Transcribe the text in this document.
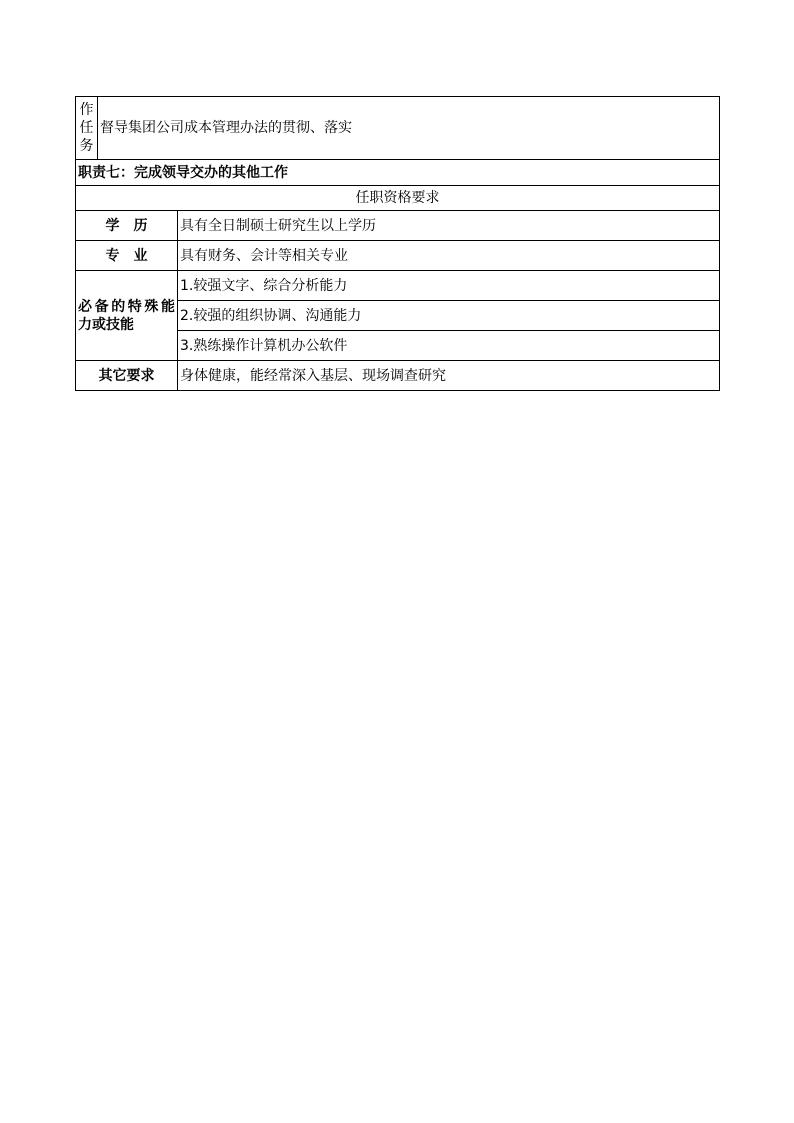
作
任
务	督导集团公司成本管理办法的贯彻、落实	
职责七：完成领导交办的其他工作		
任职资格要求		
学　历		具有全日制硕士研究生以上学历
专　业		具有财务、会计等相关专业
必备的特殊能力或技能		1.较强文字、综合分析能力
		2.较强的组织协调、沟通能力
		3.熟练操作计算机办公软件
其它要求		身体健康，能经常深入基层、现场调查研究
